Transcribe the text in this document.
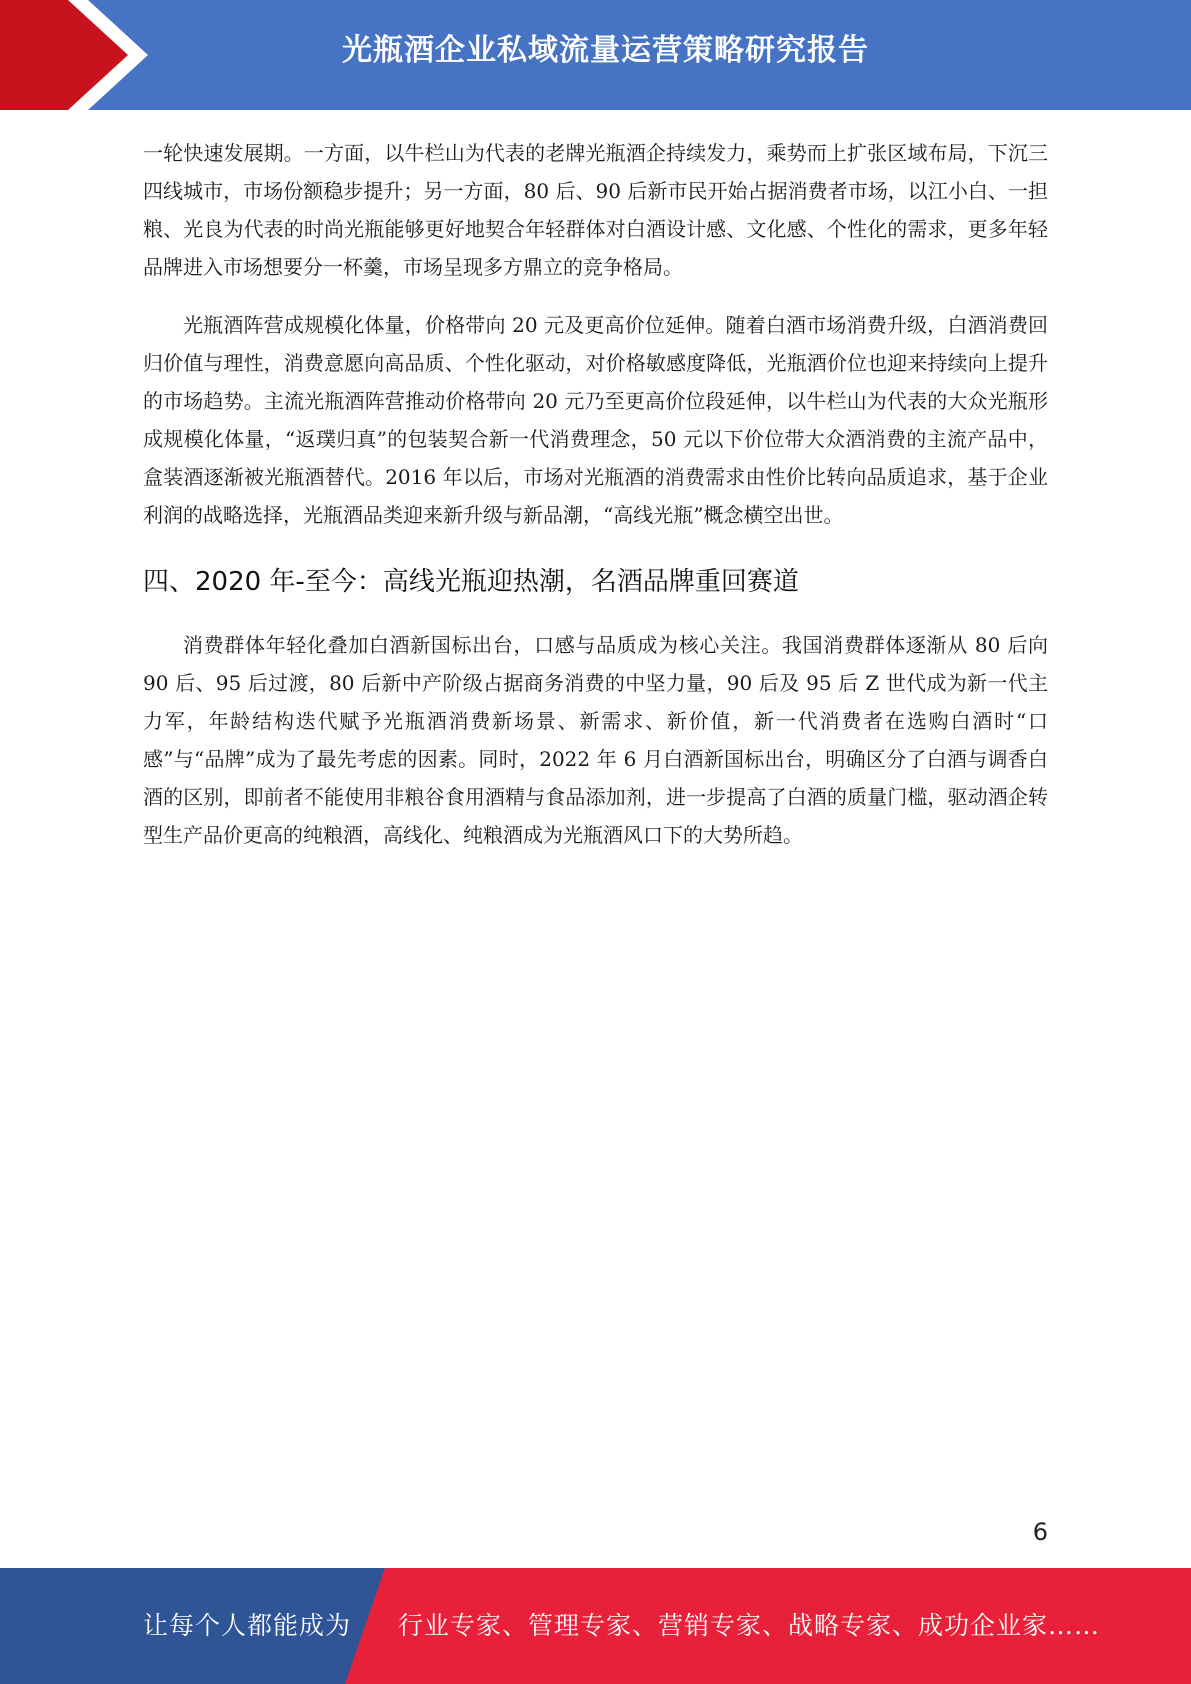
光瓶酒企业私域流量运营策略研究报告

一轮快速发展期。一方面，以牛栏山为代表的老牌光瓶酒企持续发力，乘势而上扩张区域布局，下沉三四线城市，市场份额稳步提升；另一方面，80 后、90 后新市民开始占据消费者市场，以江小白、一担粮、光良为代表的时尚光瓶能够更好地契合年轻群体对白酒设计感、文化感、个性化的需求，更多年轻品牌进入市场想要分一杯羹，市场呈现多方鼎立的竞争格局。

光瓶酒阵营成规模化体量，价格带向 20 元及更高价位延伸。随着白酒市场消费升级，白酒消费回归价值与理性，消费意愿向高品质、个性化驱动，对价格敏感度降低，光瓶酒价位也迎来持续向上提升的市场趋势。主流光瓶酒阵营推动价格带向 20 元乃至更高价位段延伸，以牛栏山为代表的大众光瓶形成规模化体量，“返璞归真”的包装契合新一代消费理念，50 元以下价位带大众酒消费的主流产品中，盒装酒逐渐被光瓶酒替代。2016 年以后，市场对光瓶酒的消费需求由性价比转向品质追求，基于企业利润的战略选择，光瓶酒品类迎来新升级与新品潮，“高线光瓶”概念横空出世。

四、2020 年-至今：高线光瓶迎热潮，名酒品牌重回赛道

消费群体年轻化叠加白酒新国标出台，口感与品质成为核心关注。我国消费群体逐渐从 80 后向 90 后、95 后过渡，80 后新中产阶级占据商务消费的中坚力量，90 后及 95 后 Z 世代成为新一代主力军，年龄结构迭代赋予光瓶酒消费新场景、新需求、新价值，新一代消费者在选购白酒时“口感”与“品牌”成为了最先考虑的因素。同时，2022 年 6 月白酒新国标出台，明确区分了白酒与调香白酒的区别，即前者不能使用非粮谷食用酒精与食品添加剂，进一步提高了白酒的质量门槛，驱动酒企转型生产品价更高的纯粮酒，高线化、纯粮酒成为光瓶酒风口下的大势所趋。

6
让每个人都能成为 行业专家、管理专家、营销专家、战略专家、成功企业家……
